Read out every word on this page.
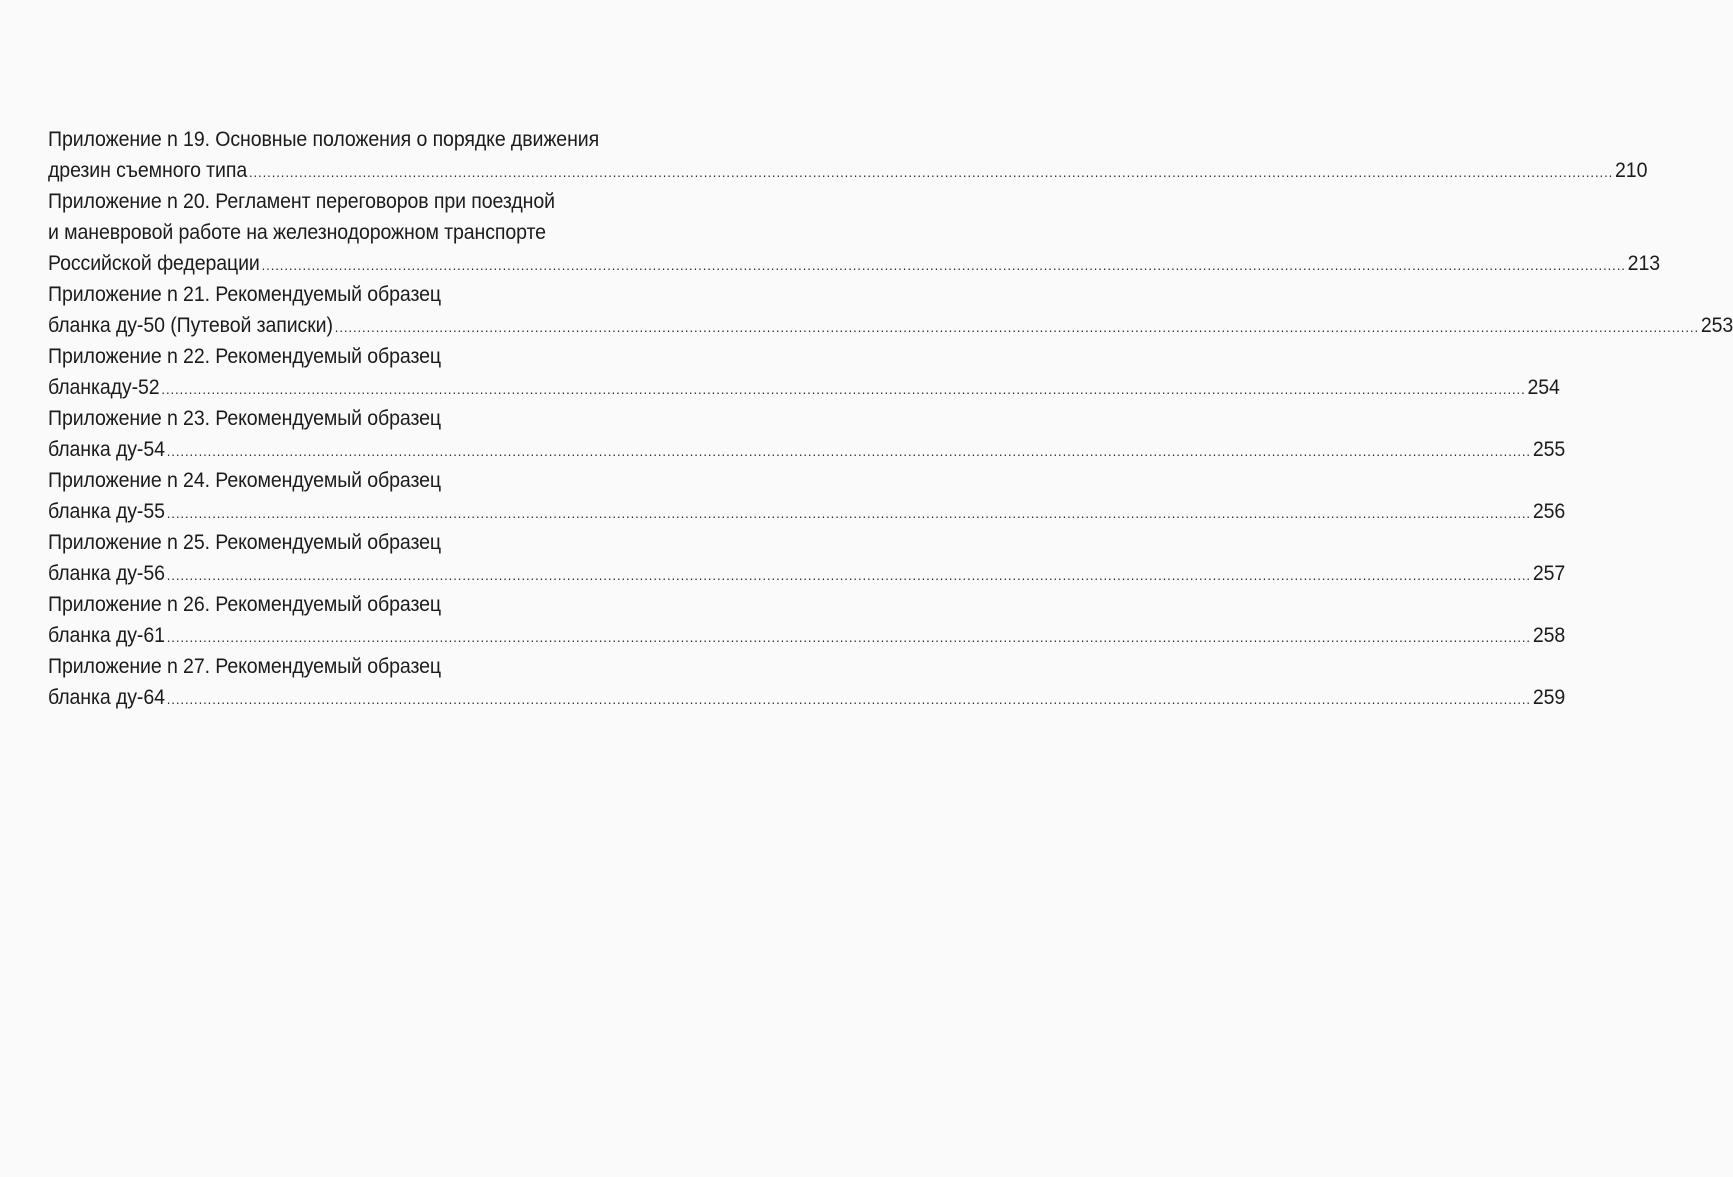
Приложение n 19. Основные положения о порядке движения
дрезин съемного типа ............................................................................................................................................................................................................................................................................................................ 210
Приложение n 20. Регламент переговоров при поездной
и маневровой работе на железнодорожном транспорте
Российской федерации ............................................................................................................................................................................................................................................................................................................ 213
Приложение n 21. Рекомендуемый образец
бланка ду-50 (Путевой записки) ............................................................................................................................................................................................................................................................................................................ 253
Приложение n 22. Рекомендуемый образец
бланкаду-52 ............................................................................................................................................................................................................................................................................................................ 254
Приложение n 23. Рекомендуемый образец
бланка ду-54 ............................................................................................................................................................................................................................................................................................................ 255
Приложение n 24. Рекомендуемый образец
бланка ду-55 ............................................................................................................................................................................................................................................................................................................ 256
Приложение n 25. Рекомендуемый образец
бланка ду-56 ............................................................................................................................................................................................................................................................................................................ 257
Приложение n 26. Рекомендуемый образец
бланка ду-61 ............................................................................................................................................................................................................................................................................................................ 258
Приложение n 27. Рекомендуемый образец
бланка ду-64 ............................................................................................................................................................................................................................................................................................................ 259
